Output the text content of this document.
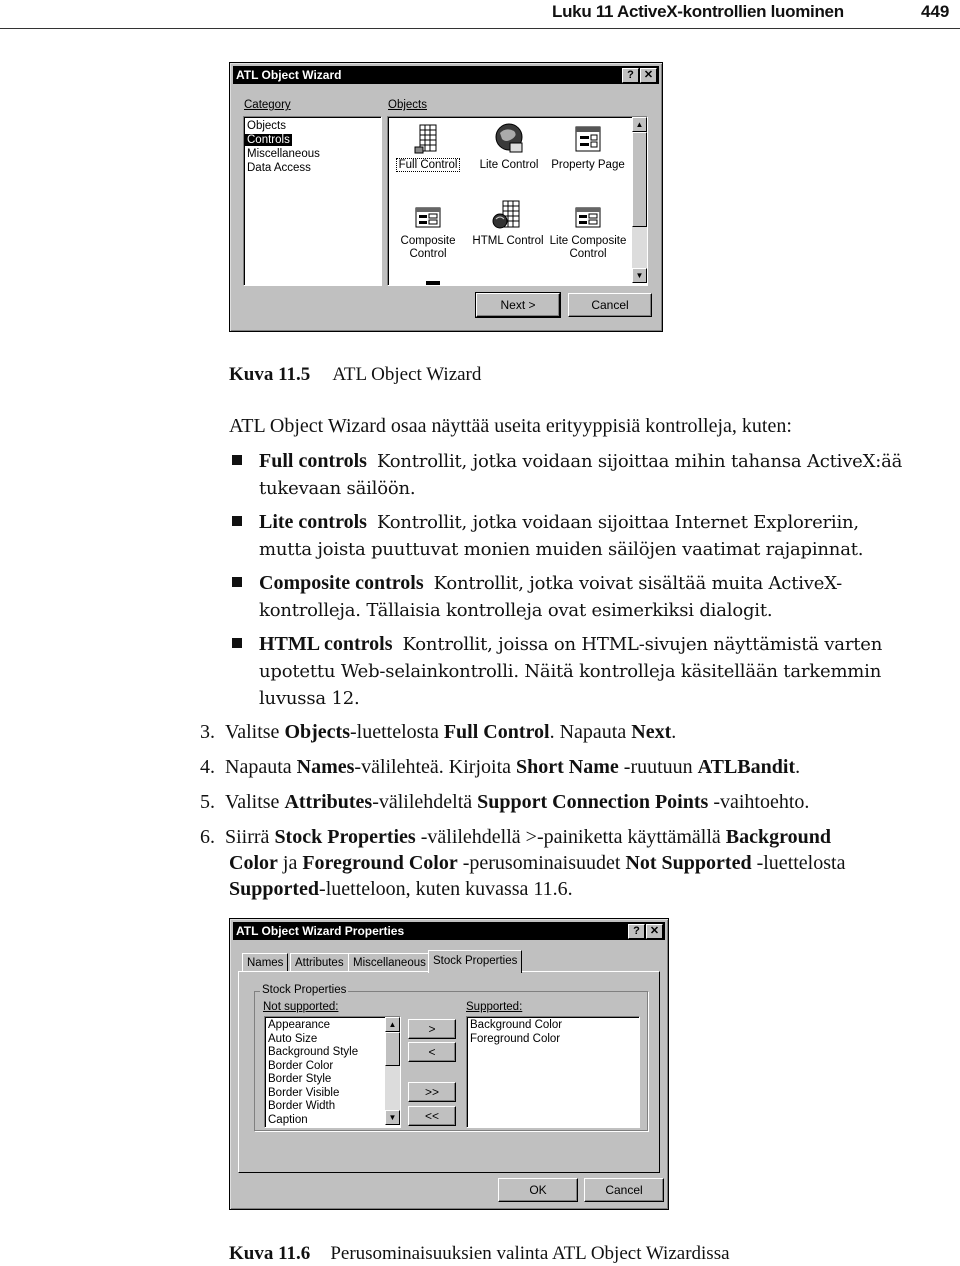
Luku 11 ActiveX-kontrollien luominen	449
ATL Object Wizard	? ✕
Category	Objects
Objects
Controls
Miscellaneous
Data Access	Full Control	Lite Control	Property Page
Composite
Control
HTML Control Lite Composite
Control
▲
▼
Next >	Cancel
Kuva 11.5 ATL Object Wizard
ATL Object Wizard osaa näyttää useita erityyppisiä kontrolleja, kuten:
Full controls Kontrollit, jotka voidaan sijoittaa mihin tahansa ActiveX:ää
tukevaan säilöön.
Lite controls Kontrollit, jotka voidaan sijoittaa Internet Exploreriin,
mutta joista puuttuvat monien muiden säilöjen vaatimat rajapinnat.
Composite controls Kontrollit, jotka voivat sisältää muita ActiveX-
kontrolleja. Tällaisia kontrolleja ovat esimerkiksi dialogit.
HTML controls Kontrollit, joissa on HTML-sivujen näyttämistä varten
upotettu Web-selainkontrolli. Näitä kontrolleja käsitellään tarkemmin
luvussa 12.
3. Valitse Objects-luettelosta Full Control. Napauta Next.
4. Napauta Names-välilehteä. Kirjoita Short Name -ruutuun ATLBandit.
5. Valitse Attributes-välilehdeltä Support Connection Points -vaihtoehto.
6. Siirrä Stock Properties -välilehdellä >-painiketta käyttämällä Background
Color ja Foreground Color -perusominaisuudet Not Supported -luettelosta
Supported-luetteloon, kuten kuvassa 11.6.
ATL Object Wizard Properties	? ✕
Names	Attributes Miscellaneous Stock Properties
Stock Properties
Not supported:	Supported:
Appearance
Auto Size
Background Style
Border Color
Border Style
Border Visible
Border Width
Caption
▲
▼
>
<
>>
<<
Background Color
Foreground Color
OK	Cancel
Kuva 11.6 Perusominaisuuksien valinta ATL Object Wizardissa
